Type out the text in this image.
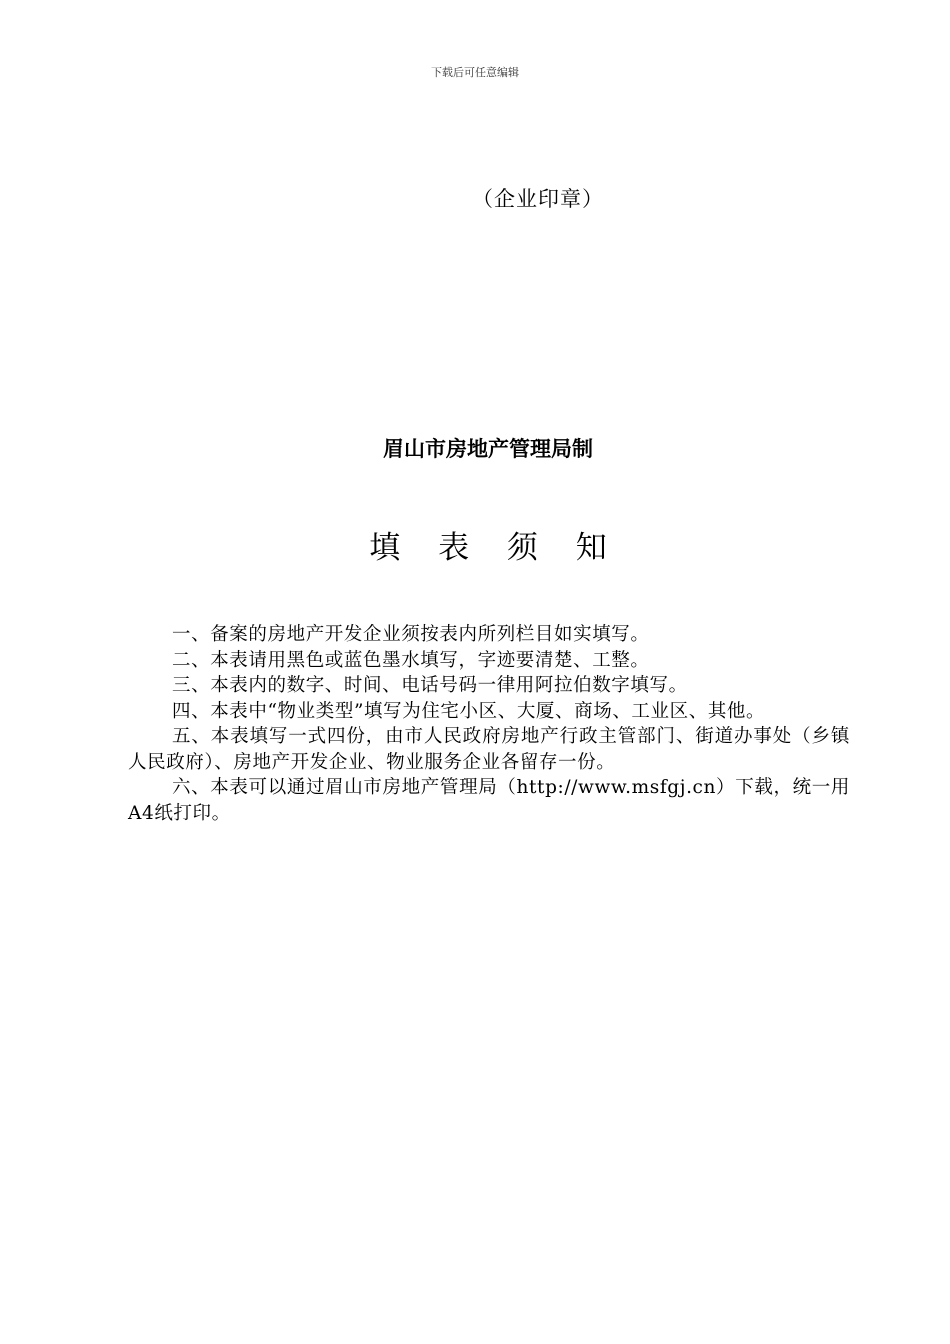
下载后可任意编辑
（企业印章）
眉山市房地产管理局制
填 表 须 知
一、备案的房地产开发企业须按表内所列栏目如实填写。
二、本表请用黑色或蓝色墨水填写，字迹要清楚、工整。
三、本表内的数字、时间、电话号码一律用阿拉伯数字填写。
四、本表中“物业类型”填写为住宅小区、大厦、商场、工业区、其他。
五、本表填写一式四份，由市人民政府房地产行政主管部门、街道办事处（乡镇人民政府）、房地产开发企业、物业服务企业各留存一份。
六、本表可以通过眉山市房地产管理局（http://www.msfgj.cn）下载，统一用A4纸打印。
